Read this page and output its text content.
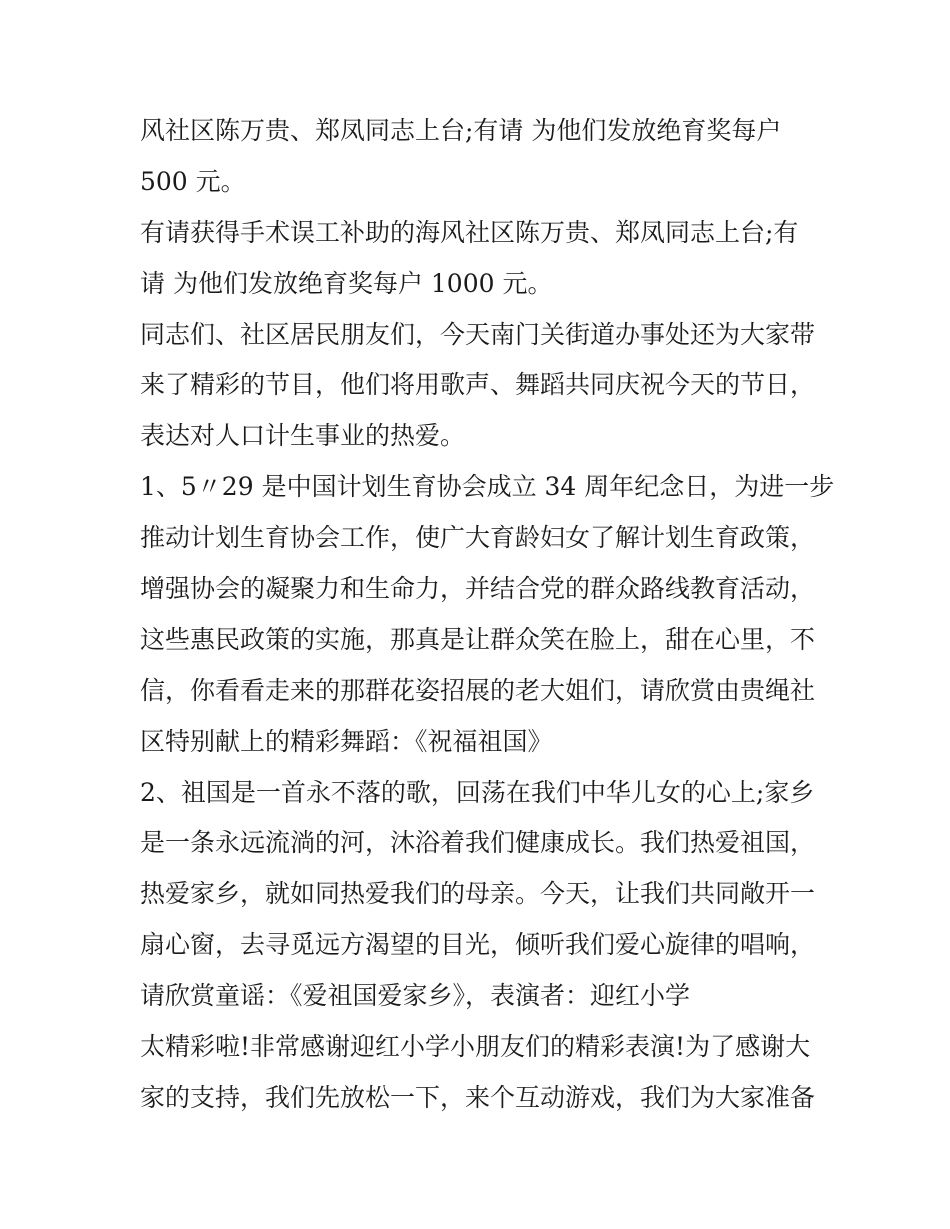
风社区陈万贵、郑凤同志上台;有请 为他们发放绝育奖每户
500 元。
有请获得手术误工补助的海风社区陈万贵、郑凤同志上台;有
请 为他们发放绝育奖每户 1000 元。
同志们、社区居民朋友们，今天南门关街道办事处还为大家带
来了精彩的节目，他们将用歌声、舞蹈共同庆祝今天的节日，
表达对人口计生事业的热爱。
1、5〃29 是中国计划生育协会成立 34 周年纪念日，为进一步
推动计划生育协会工作，使广大育龄妇女了解计划生育政策，
增强协会的凝聚力和生命力，并结合党的群众路线教育活动，
这些惠民政策的实施，那真是让群众笑在脸上，甜在心里，不
信，你看看走来的那群花姿招展的老大姐们，请欣赏由贵绳社
区特别献上的精彩舞蹈：《祝福祖国》
2、祖国是一首永不落的歌，回荡在我们中华儿女的心上;家乡
是一条永远流淌的河，沐浴着我们健康成长。我们热爱祖国，
热爱家乡，就如同热爱我们的母亲。今天，让我们共同敞开一
扇心窗，去寻觅远方渴望的目光，倾听我们爱心旋律的唱响，
请欣赏童谣：《爱祖国爱家乡》，表演者：迎红小学
太精彩啦!非常感谢迎红小学小朋友们的精彩表演!为了感谢大
家的支持，我们先放松一下，来个互动游戏，我们为大家准备
